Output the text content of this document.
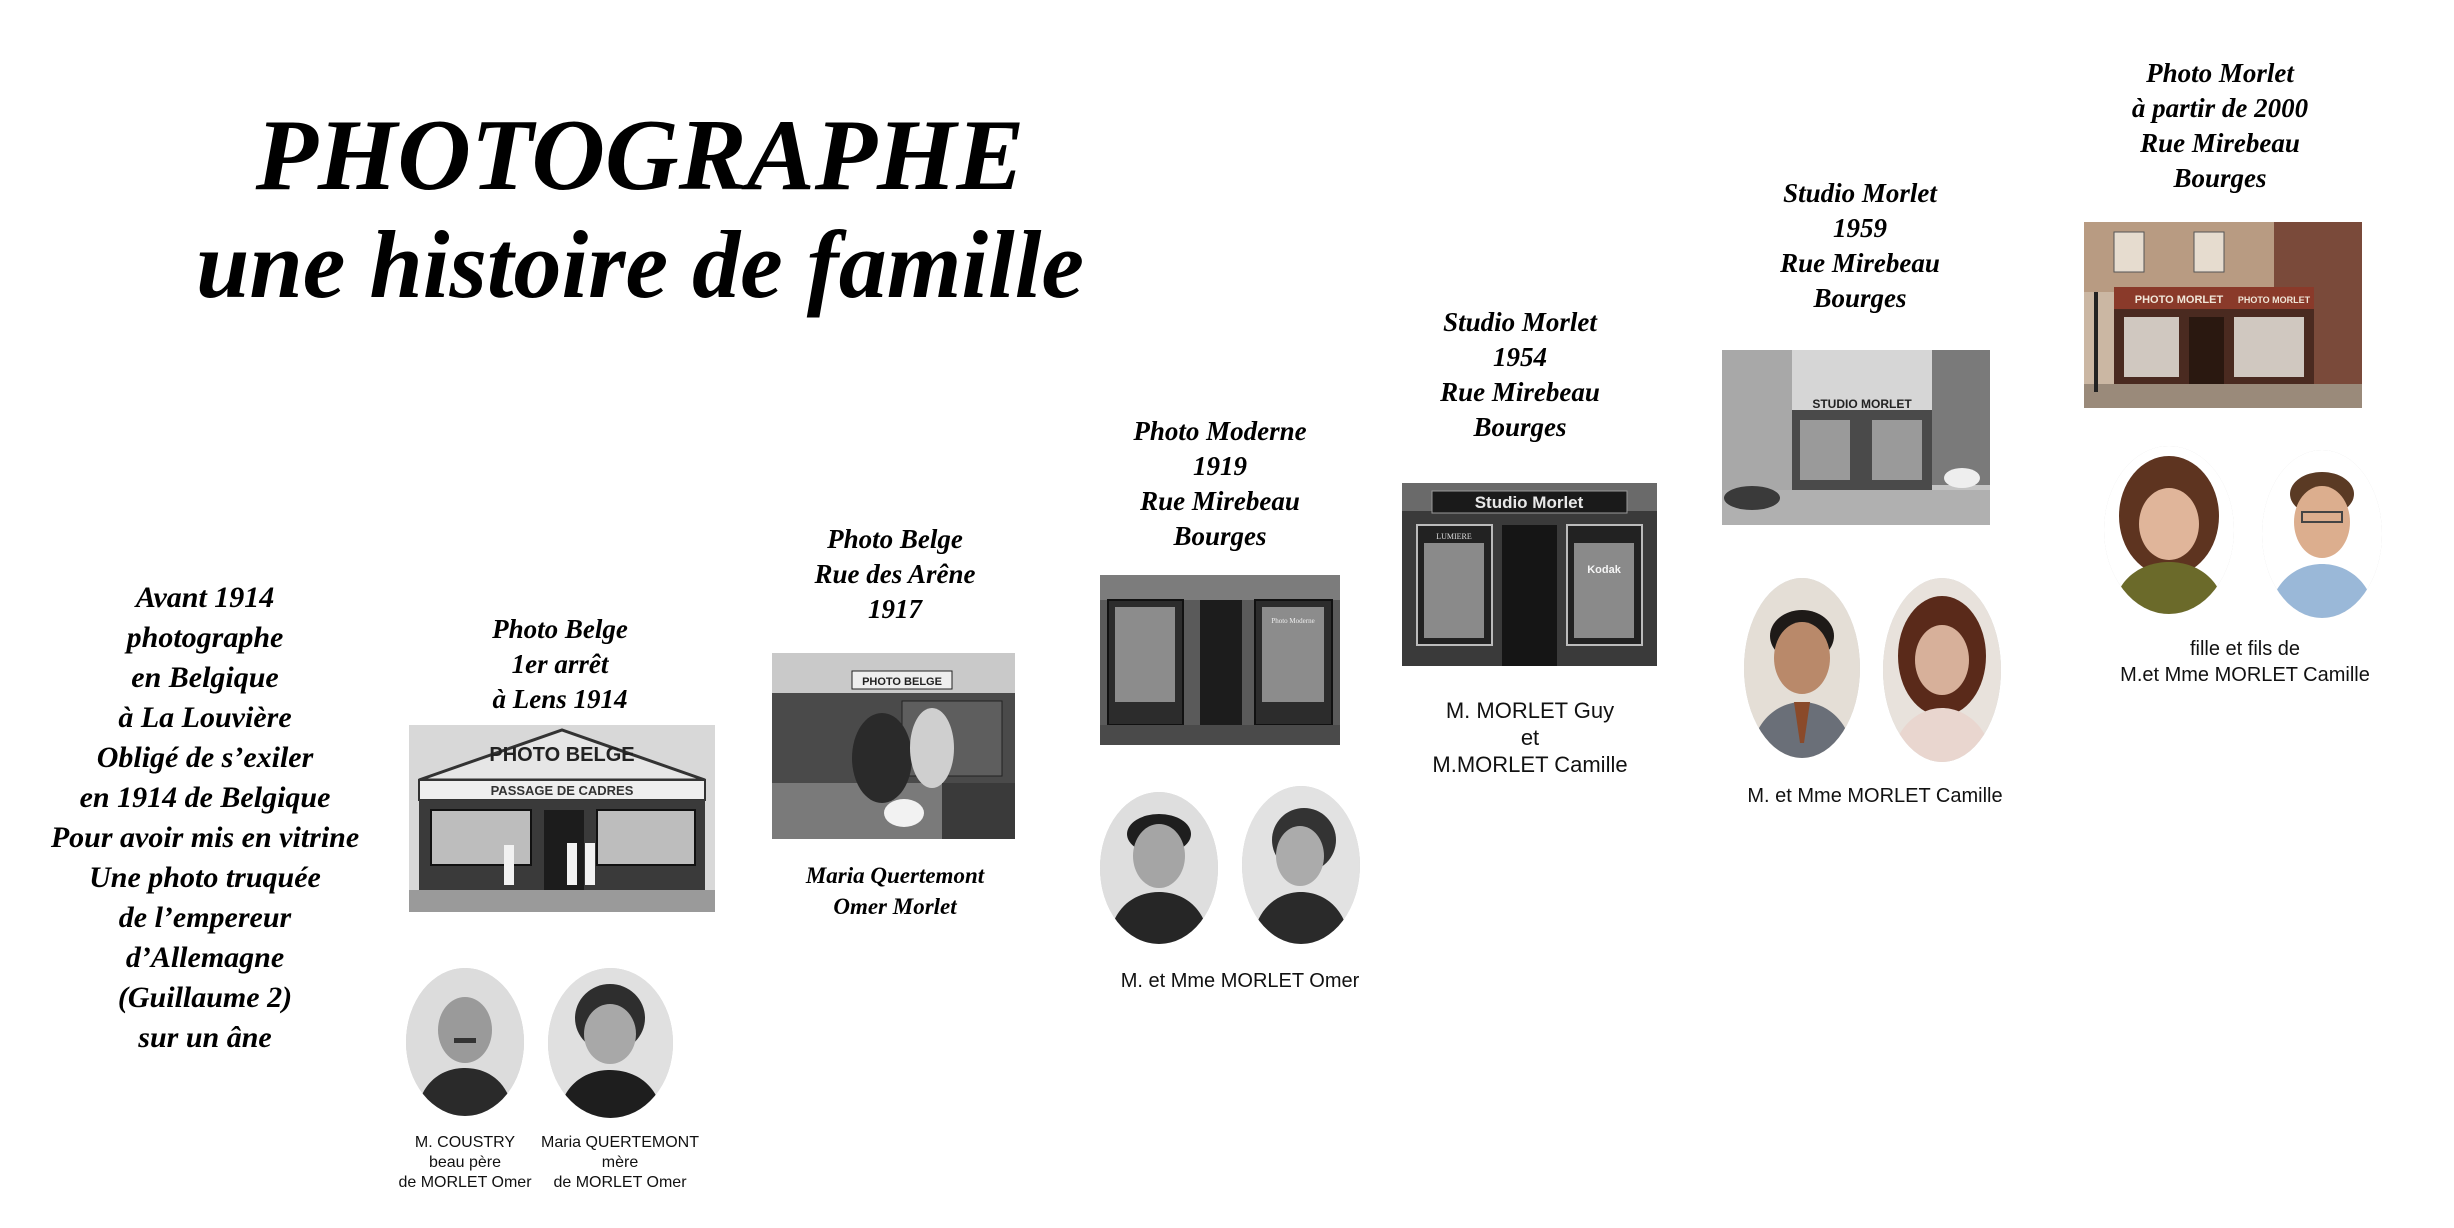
PHOTOGRAPHE
une histoire de famille
Avant 1914
photographe
en Belgique
à La Louvière
Obligé de s’exiler
en 1914 de Belgique
Pour avoir mis en vitrine
Une photo truquée
de l’empereur
d’Allemagne
(Guillaume 2)
sur un âne
Photo Belge
1er arrêt
à Lens 1914
PHOTO BELGE
PASSAGE DE CADRES
M. COUSTRY
beau père
de MORLET Omer
Maria QUERTEMONT
mère
de MORLET Omer
Photo Belge
Rue des Arêne
1917
PHOTO BELGE
Maria Quertemont
Omer Morlet
Photo Moderne
1919
Rue Mirebeau
Bourges
Photo Moderne
M. et Mme MORLET Omer
Studio Morlet
1954
Rue Mirebeau
Bourges
Studio Morlet
LUMIERE
Kodak
M. MORLET Guy
et
M.MORLET Camille
Studio Morlet
1959
Rue Mirebeau
Bourges
STUDIO MORLET
M. et Mme MORLET Camille
Photo Morlet
à partir de 2000
Rue Mirebeau
Bourges
PHOTO MORLET PHOTO MORLET
fille et fils de
M.et Mme MORLET Camille
